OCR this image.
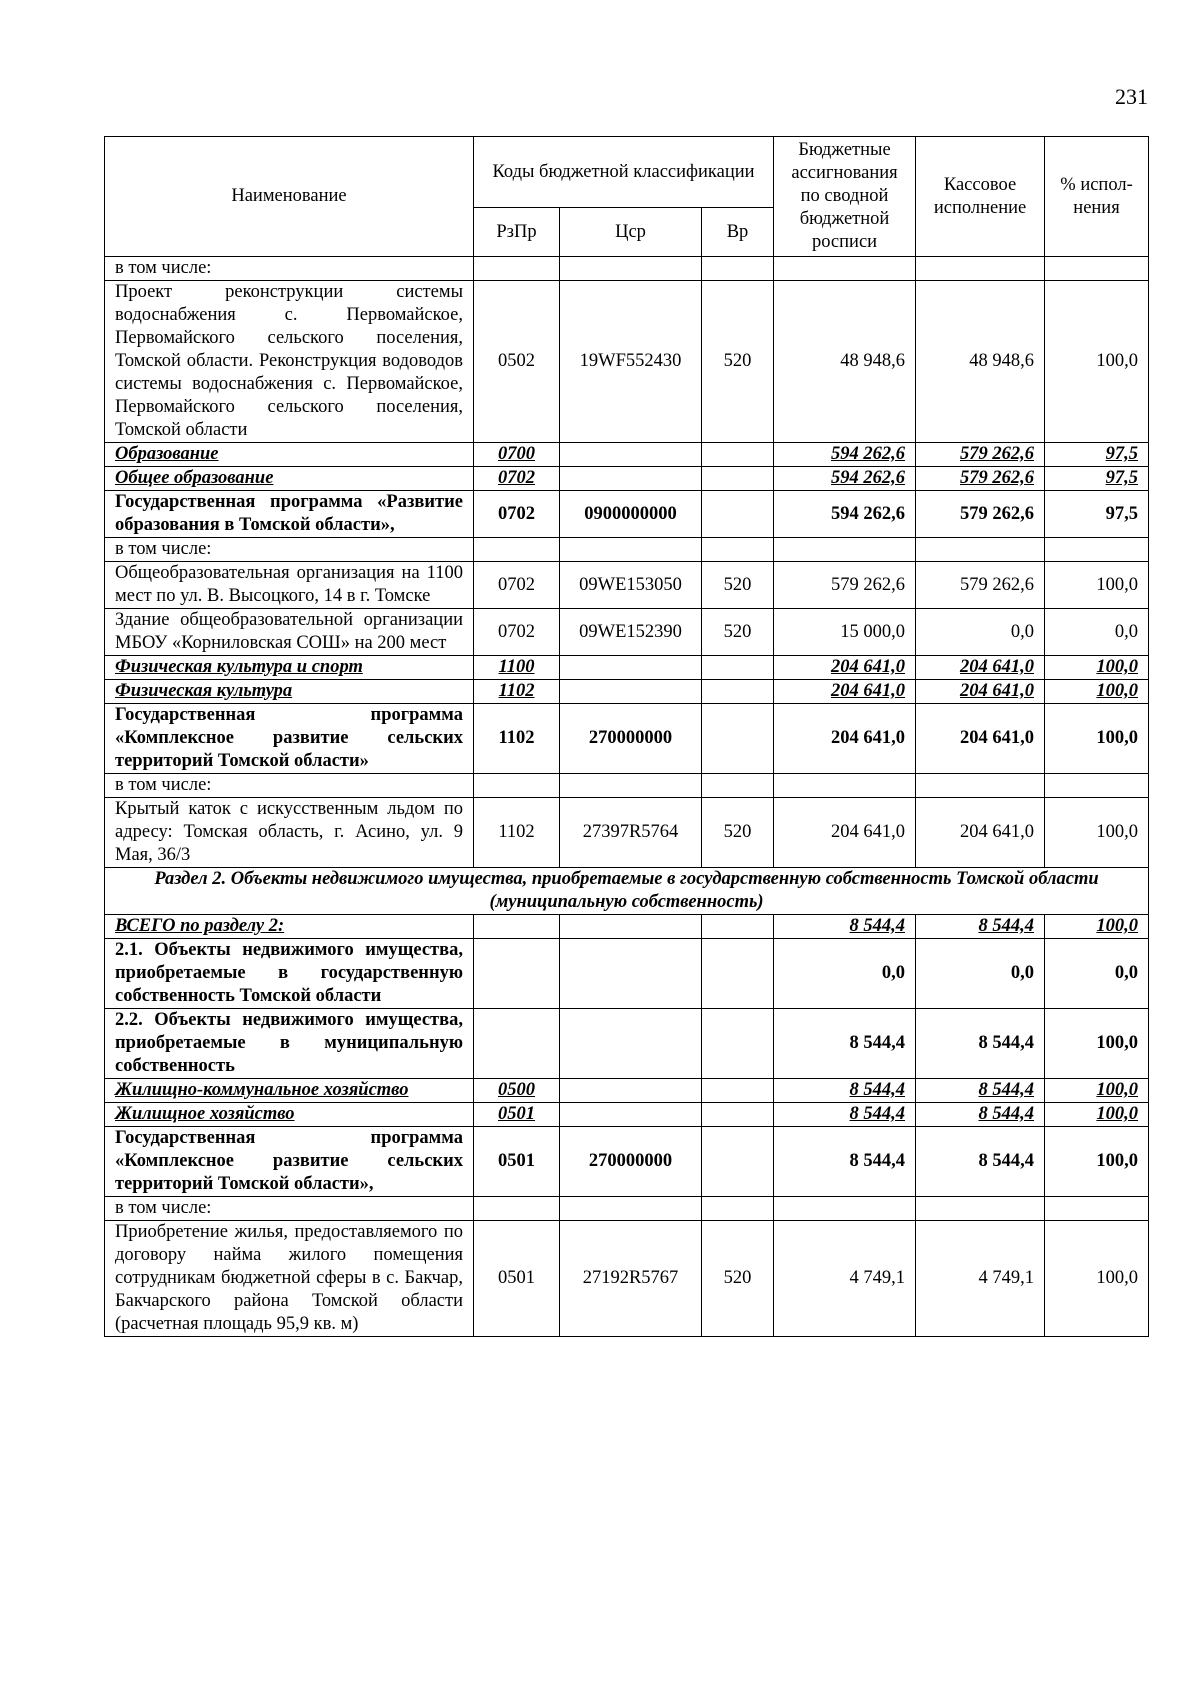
231
Наименование	Коды бюджетной классификации			Бюджетные ассигнования по сводной бюджетной росписи	Кассовое исполнение	% испол-нения
	РзПр	Цср	Вр			
в том числе:						
Проект реконструкции системы водоснабжения с. Первомайское, Первомайского сельского поселения, Томской области. Реконструкция водоводов системы водоснабжения с. Первомайское, Первомайского сельского поселения, Томской области	0502	19WF552430	520	48 948,6	48 948,6	100,0
Образование	0700			594 262,6	579 262,6	97,5
Общее образование	0702			594 262,6	579 262,6	97,5
Государственная программа «Развитие образования в Томской области»,	0702	0900000000		594 262,6	579 262,6	97,5
в том числе:						
Общеобразовательная организация на 1100 мест по ул. В. Высоцкого, 14 в г. Томске	0702	09WE153050	520	579 262,6	579 262,6	100,0
Здание общеобразовательной организации МБОУ «Корниловская СОШ» на 200 мест	0702	09WE152390	520	15 000,0	0,0	0,0
Физическая культура и спорт	1100			204 641,0	204 641,0	100,0
Физическая культура	1102			204 641,0	204 641,0	100,0
Государственная программа «Комплексное развитие сельских территорий Томской области»	1102	270000000		204 641,0	204 641,0	100,0
в том числе:						
Крытый каток с искусственным льдом по адресу: Томская область, г. Асино, ул. 9 Мая, 36/3	1102	27397R5764	520	204 641,0	204 641,0	100,0
Раздел 2. Объекты недвижимого имущества, приобретаемые в государственную собственность Томской области (муниципальную собственность)						
ВСЕГО по разделу 2:				8 544,4	8 544,4	100,0
2.1. Объекты недвижимого имущества, приобретаемые в государственную собственность Томской области				0,0	0,0	0,0
2.2. Объекты недвижимого имущества, приобретаемые в муниципальную собственность				8 544,4	8 544,4	100,0
Жилищно-коммунальное хозяйство	0500			8 544,4	8 544,4	100,0
Жилищное хозяйство	0501			8 544,4	8 544,4	100,0
Государственная программа «Комплексное развитие сельских территорий Томской области»,	0501	270000000		8 544,4	8 544,4	100,0
в том числе:						
Приобретение жилья, предоставляемого по договору найма жилого помещения сотрудникам бюджетной сферы в с. Бакчар, Бакчарского района Томской области (расчетная площадь 95,9 кв. м)	0501	27192R5767	520	4 749,1	4 749,1	100,0
